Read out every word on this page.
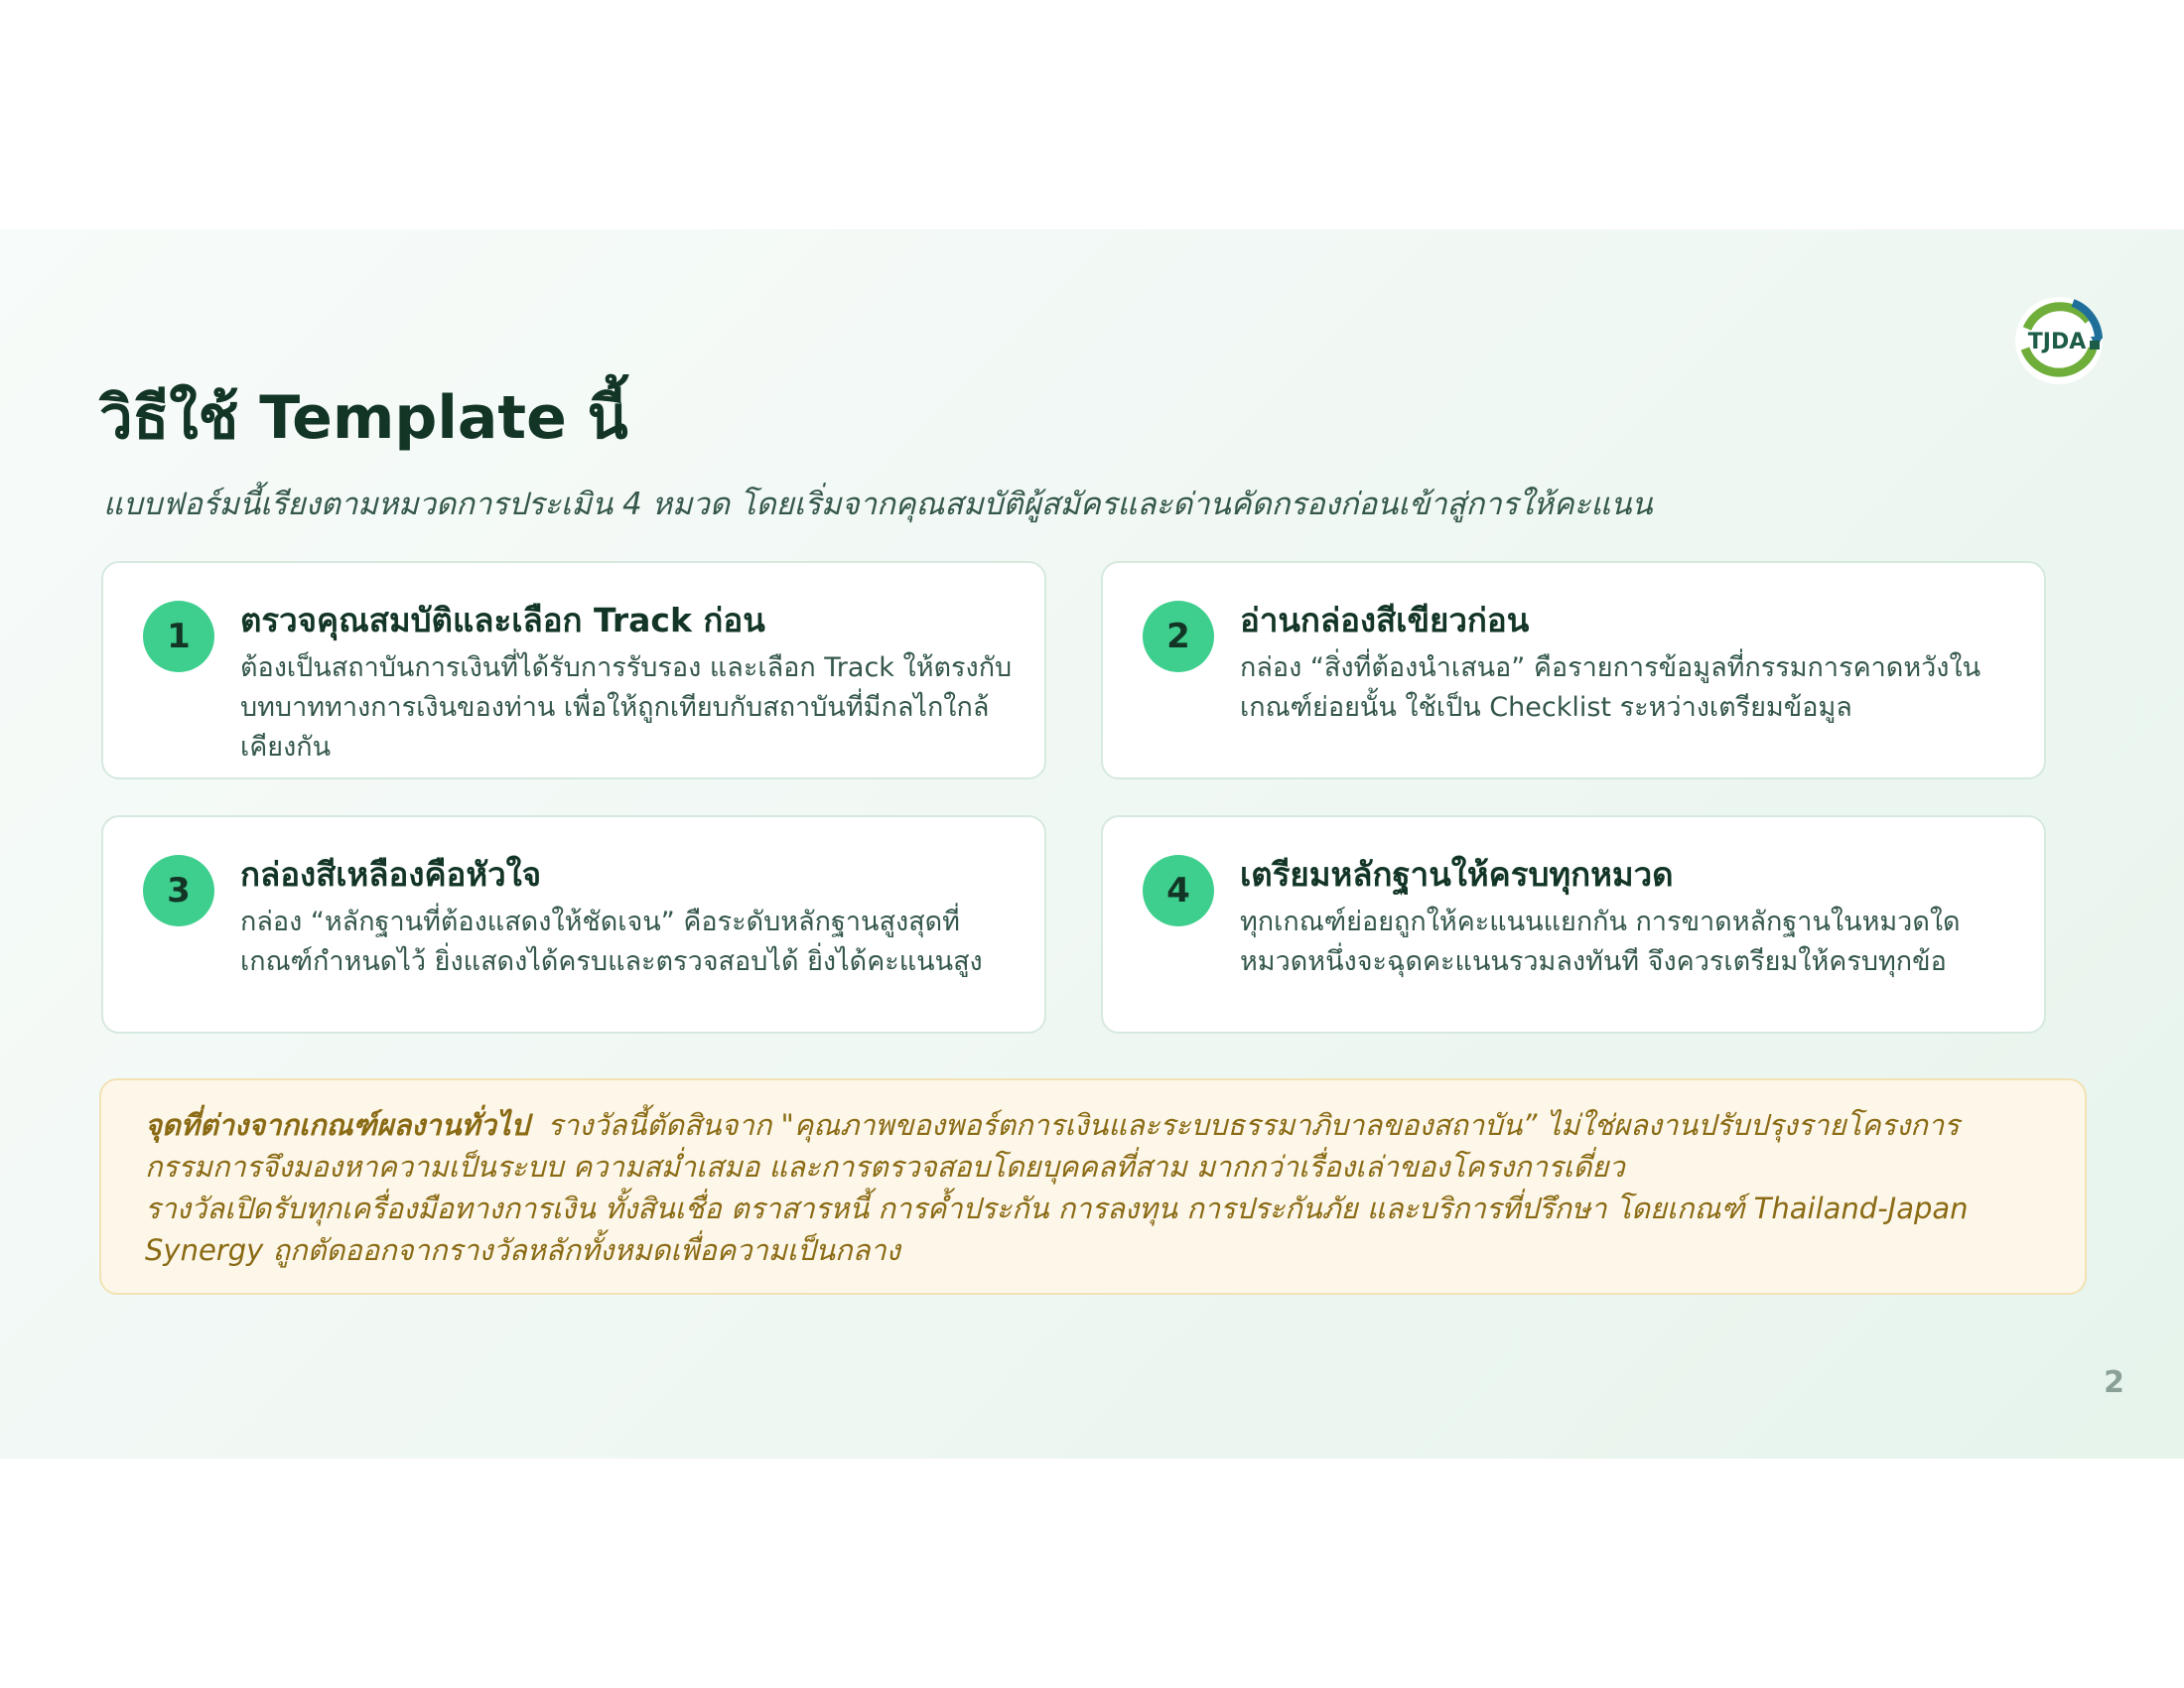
TJDA
วิธีใช้ Template นี้
แบบฟอร์มนี้เรียงตามหมวดการประเมิน 4 หมวด โดยเริ่มจากคุณสมบัติผู้สมัครและด่านคัดกรองก่อนเข้าสู่การให้คะแนน
1	ตรวจคุณสมบัติและเลือก Track ก่อน
ต้องเป็นสถาบันการเงินที่ได้รับการรับรอง และเลือก Track ให้ตรงกับบทบาททางการเงินของท่าน เพื่อให้ถูกเทียบกับสถาบันที่มีกลไกใกล้เคียงกัน
2	อ่านกล่องสีเขียวก่อน
กล่อง “สิ่งที่ต้องนำเสนอ” คือรายการข้อมูลที่กรรมการคาดหวังในเกณฑ์ย่อยนั้น ใช้เป็น Checklist ระหว่างเตรียมข้อมูล
3	กล่องสีเหลืองคือหัวใจ
กล่อง “หลักฐานที่ต้องแสดงให้ชัดเจน” คือระดับหลักฐานสูงสุดที่เกณฑ์กำหนดไว้ ยิ่งแสดงได้ครบและตรวจสอบได้ ยิ่งได้คะแนนสูง
4	เตรียมหลักฐานให้ครบทุกหมวด
ทุกเกณฑ์ย่อยถูกให้คะแนนแยกกัน การขาดหลักฐานในหมวดใดหมวดหนึ่งจะฉุดคะแนนรวมลงทันที จึงควรเตรียมให้ครบทุกข้อ
จุดที่ต่างจากเกณฑ์ผลงานทั่วไป รางวัลนี้ตัดสินจาก "คุณภาพของพอร์ตการเงินและระบบธรรมาภิบาลของสถาบัน” ไม่ใช่ผลงานปรับปรุงรายโครงการ กรรมการจึงมองหาความเป็นระบบ ความสม่ำเสมอ และการตรวจสอบโดยบุคคลที่สาม มากกว่าเรื่องเล่าของโครงการเดี่ยว
รางวัลเปิดรับทุกเครื่องมือทางการเงิน ทั้งสินเชื่อ ตราสารหนี้ การค้ำประกัน การลงทุน การประกันภัย และบริการที่ปรึกษา โดยเกณฑ์ Thailand-Japan Synergy ถูกตัดออกจากรางวัลหลักทั้งหมดเพื่อความเป็นกลาง
2
